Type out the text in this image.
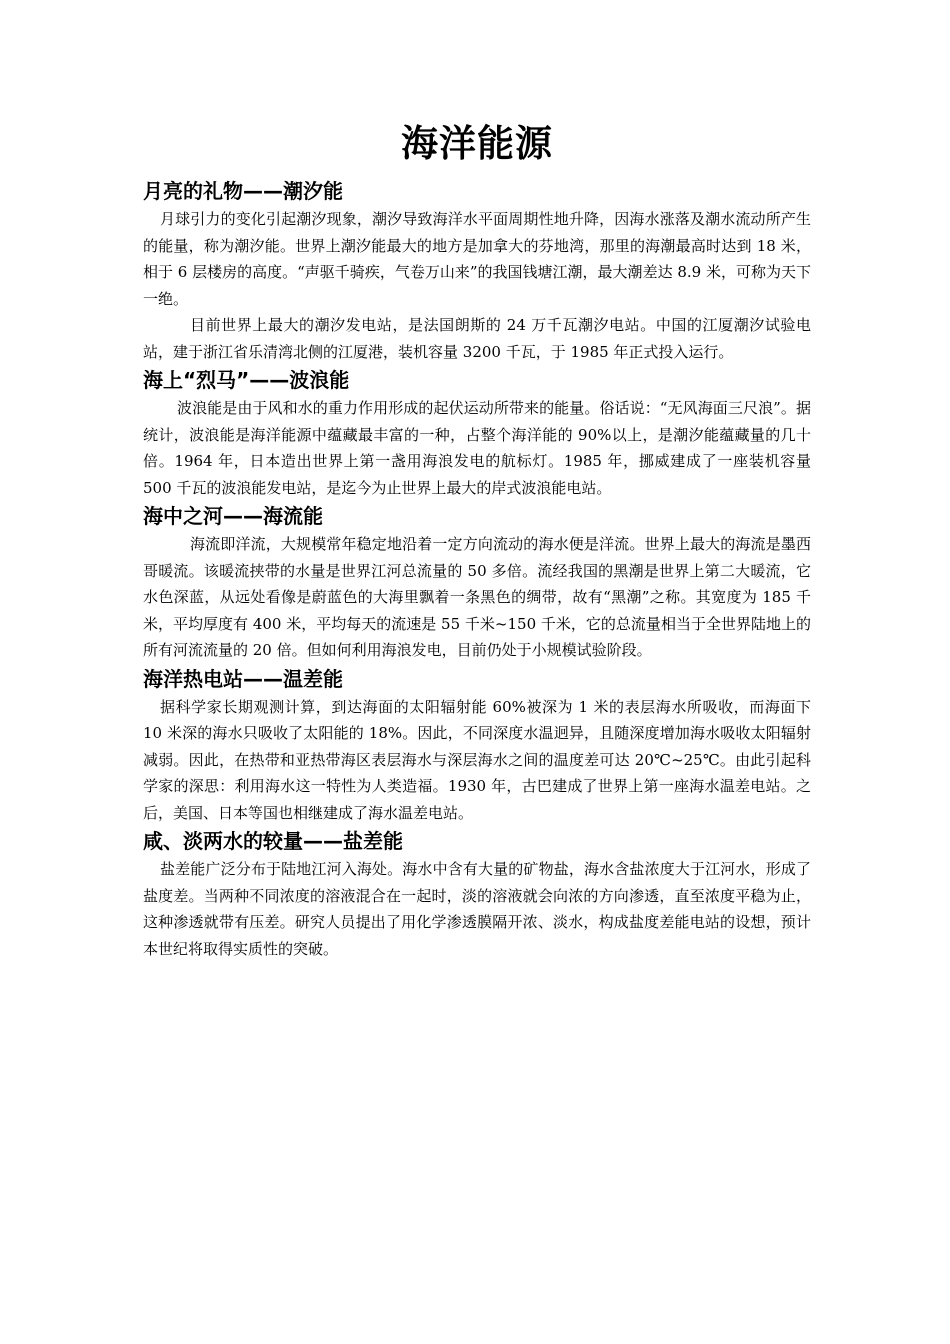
海洋能源
月亮的礼物——潮汐能

月球引力的变化引起潮汐现象，潮汐导致海洋水平面周期性地升降，因海水涨落及潮水流动所产生的能量，称为潮汐能。世界上潮汐能最大的地方是加拿大的芬地湾，那里的海潮最高时达到 18 米，相于 6 层楼房的高度。“声驱千骑疾，气卷万山来”的我国钱塘江潮，最大潮差达 8.9 米，可称为天下一绝。

目前世界上最大的潮汐发电站，是法国朗斯的 24 万千瓦潮汐电站。中国的江厦潮汐试验电站，建于浙江省乐清湾北侧的江厦港，装机容量 3200 千瓦，于 1985 年正式投入运行。

海上“烈马”——波浪能

波浪能是由于风和水的重力作用形成的起伏运动所带来的能量。俗话说：“无风海面三尺浪”。据统计，波浪能是海洋能源中蕴藏最丰富的一种，占整个海洋能的 90%以上，是潮汐能蕴藏量的几十倍。1964 年，日本造出世界上第一盏用海浪发电的航标灯。1985 年，挪威建成了一座装机容量 500 千瓦的波浪能发电站，是迄今为止世界上最大的岸式波浪能电站。

海中之河——海流能

海流即洋流，大规模常年稳定地沿着一定方向流动的海水便是洋流。世界上最大的海流是墨西哥暖流。该暖流挟带的水量是世界江河总流量的 50 多倍。流经我国的黑潮是世界上第二大暖流，它水色深蓝，从远处看像是蔚蓝色的大海里飘着一条黑色的绸带，故有“黑潮”之称。其宽度为 185 千米，平均厚度有 400 米，平均每天的流速是 55 千米~150 千米，它的总流量相当于全世界陆地上的所有河流流量的 20 倍。但如何利用海浪发电，目前仍处于小规模试验阶段。

海洋热电站——温差能

据科学家长期观测计算，到达海面的太阳辐射能 60%被深为 1 米的表层海水所吸收，而海面下 10 米深的海水只吸收了太阳能的 18%。因此，不同深度水温迥异，且随深度增加海水吸收太阳辐射减弱。因此，在热带和亚热带海区表层海水与深层海水之间的温度差可达 20℃~25℃。由此引起科学家的深思：利用海水这一特性为人类造福。1930 年，古巴建成了世界上第一座海水温差电站。之后，美国、日本等国也相继建成了海水温差电站。

咸、淡两水的较量——盐差能

盐差能广泛分布于陆地江河入海处。海水中含有大量的矿物盐，海水含盐浓度大于江河水，形成了盐度差。当两种不同浓度的溶液混合在一起时，淡的溶液就会向浓的方向渗透，直至浓度平稳为止，这种渗透就带有压差。研究人员提出了用化学渗透膜隔开浓、淡水，构成盐度差能电站的设想，预计本世纪将取得实质性的突破。
